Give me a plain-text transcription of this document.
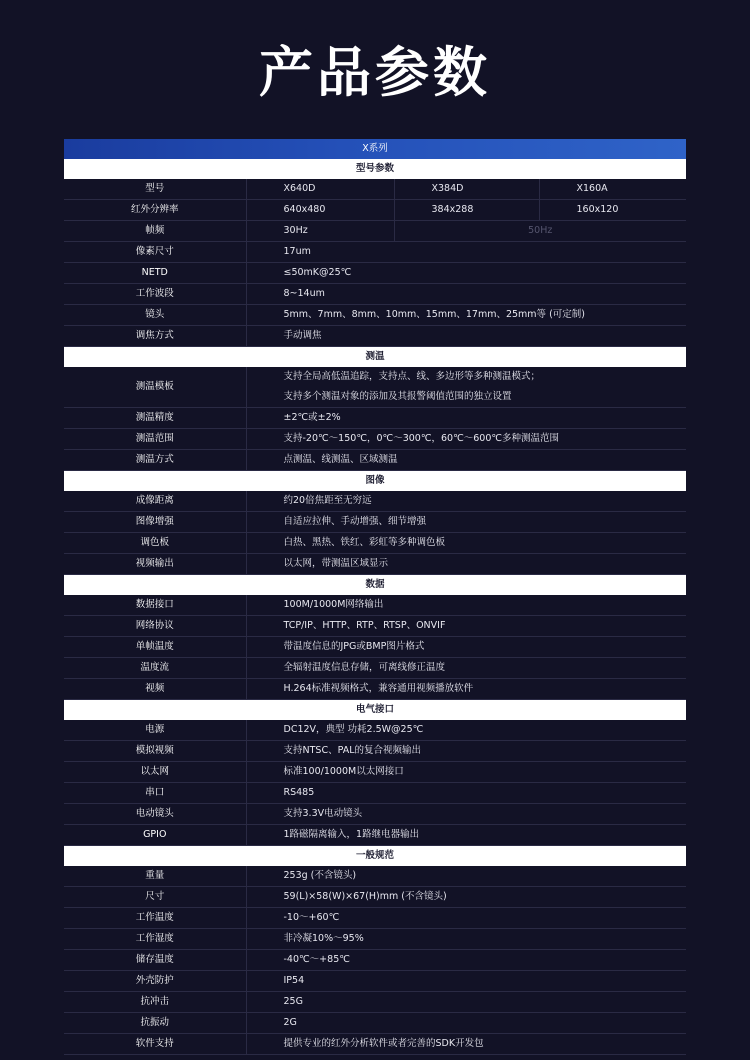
产品参数
X系列			
型号参数			
型号	X640D	X384D	X160A
红外分辨率	640x480	384x288	160x120
帧频	30Hz	50Hz	
像素尺寸	17um		
NETD	≤50mK@25℃		
工作波段	8~14um		
镜头	5mm、7mm、8mm、10mm、15mm、17mm、25mm等 (可定制)		
调焦方式	手动调焦		
测温			
测温模板	支持全局高低温追踪，支持点、线、多边形等多种测温模式；
支持多个测温对象的添加及其报警阈值范围的独立设置		

测温精度	±2℃或±2%		
测温范围	支持-20℃～150℃，0℃～300℃，60℃～600℃多种测温范围		
测温方式	点测温、线测温、区域测温		
图像			
成像距离	约20倍焦距至无穷远		
图像增强	自适应拉伸、手动增强、细节增强		
调色板	白热、黑热、铁红、彩虹等多种调色板		
视频输出	以太网，带测温区域显示		
数据			
数据接口	100M/1000M网络输出		
网络协议	TCP/IP、HTTP、RTP、RTSP、ONVIF		
单帧温度	带温度信息的JPG或BMP图片格式		
温度流	全辐射温度信息存储，可离线修正温度		
视频	H.264标准视频格式，兼容通用视频播放软件		
电气接口			
电源	DC12V，典型 功耗2.5W@25℃		
模拟视频	支持NTSC、PAL的复合视频输出		
以太网	标准100/1000M以太网接口		
串口	RS485		
电动镜头	支持3.3V电动镜头		
GPIO	1路磁隔离输入，1路继电器输出		
一般规范			
重量	253g (不含镜头)		
尺寸	59(L)×58(W)×67(H)mm (不含镜头)		
工作温度	-10～+60℃		
工作湿度	非冷凝10%～95%		
储存温度	-40℃～+85℃		
外壳防护	IP54		
抗冲击	25G		
抗振动	2G		
软件支持	提供专业的红外分析软件或者完善的SDK开发包		
